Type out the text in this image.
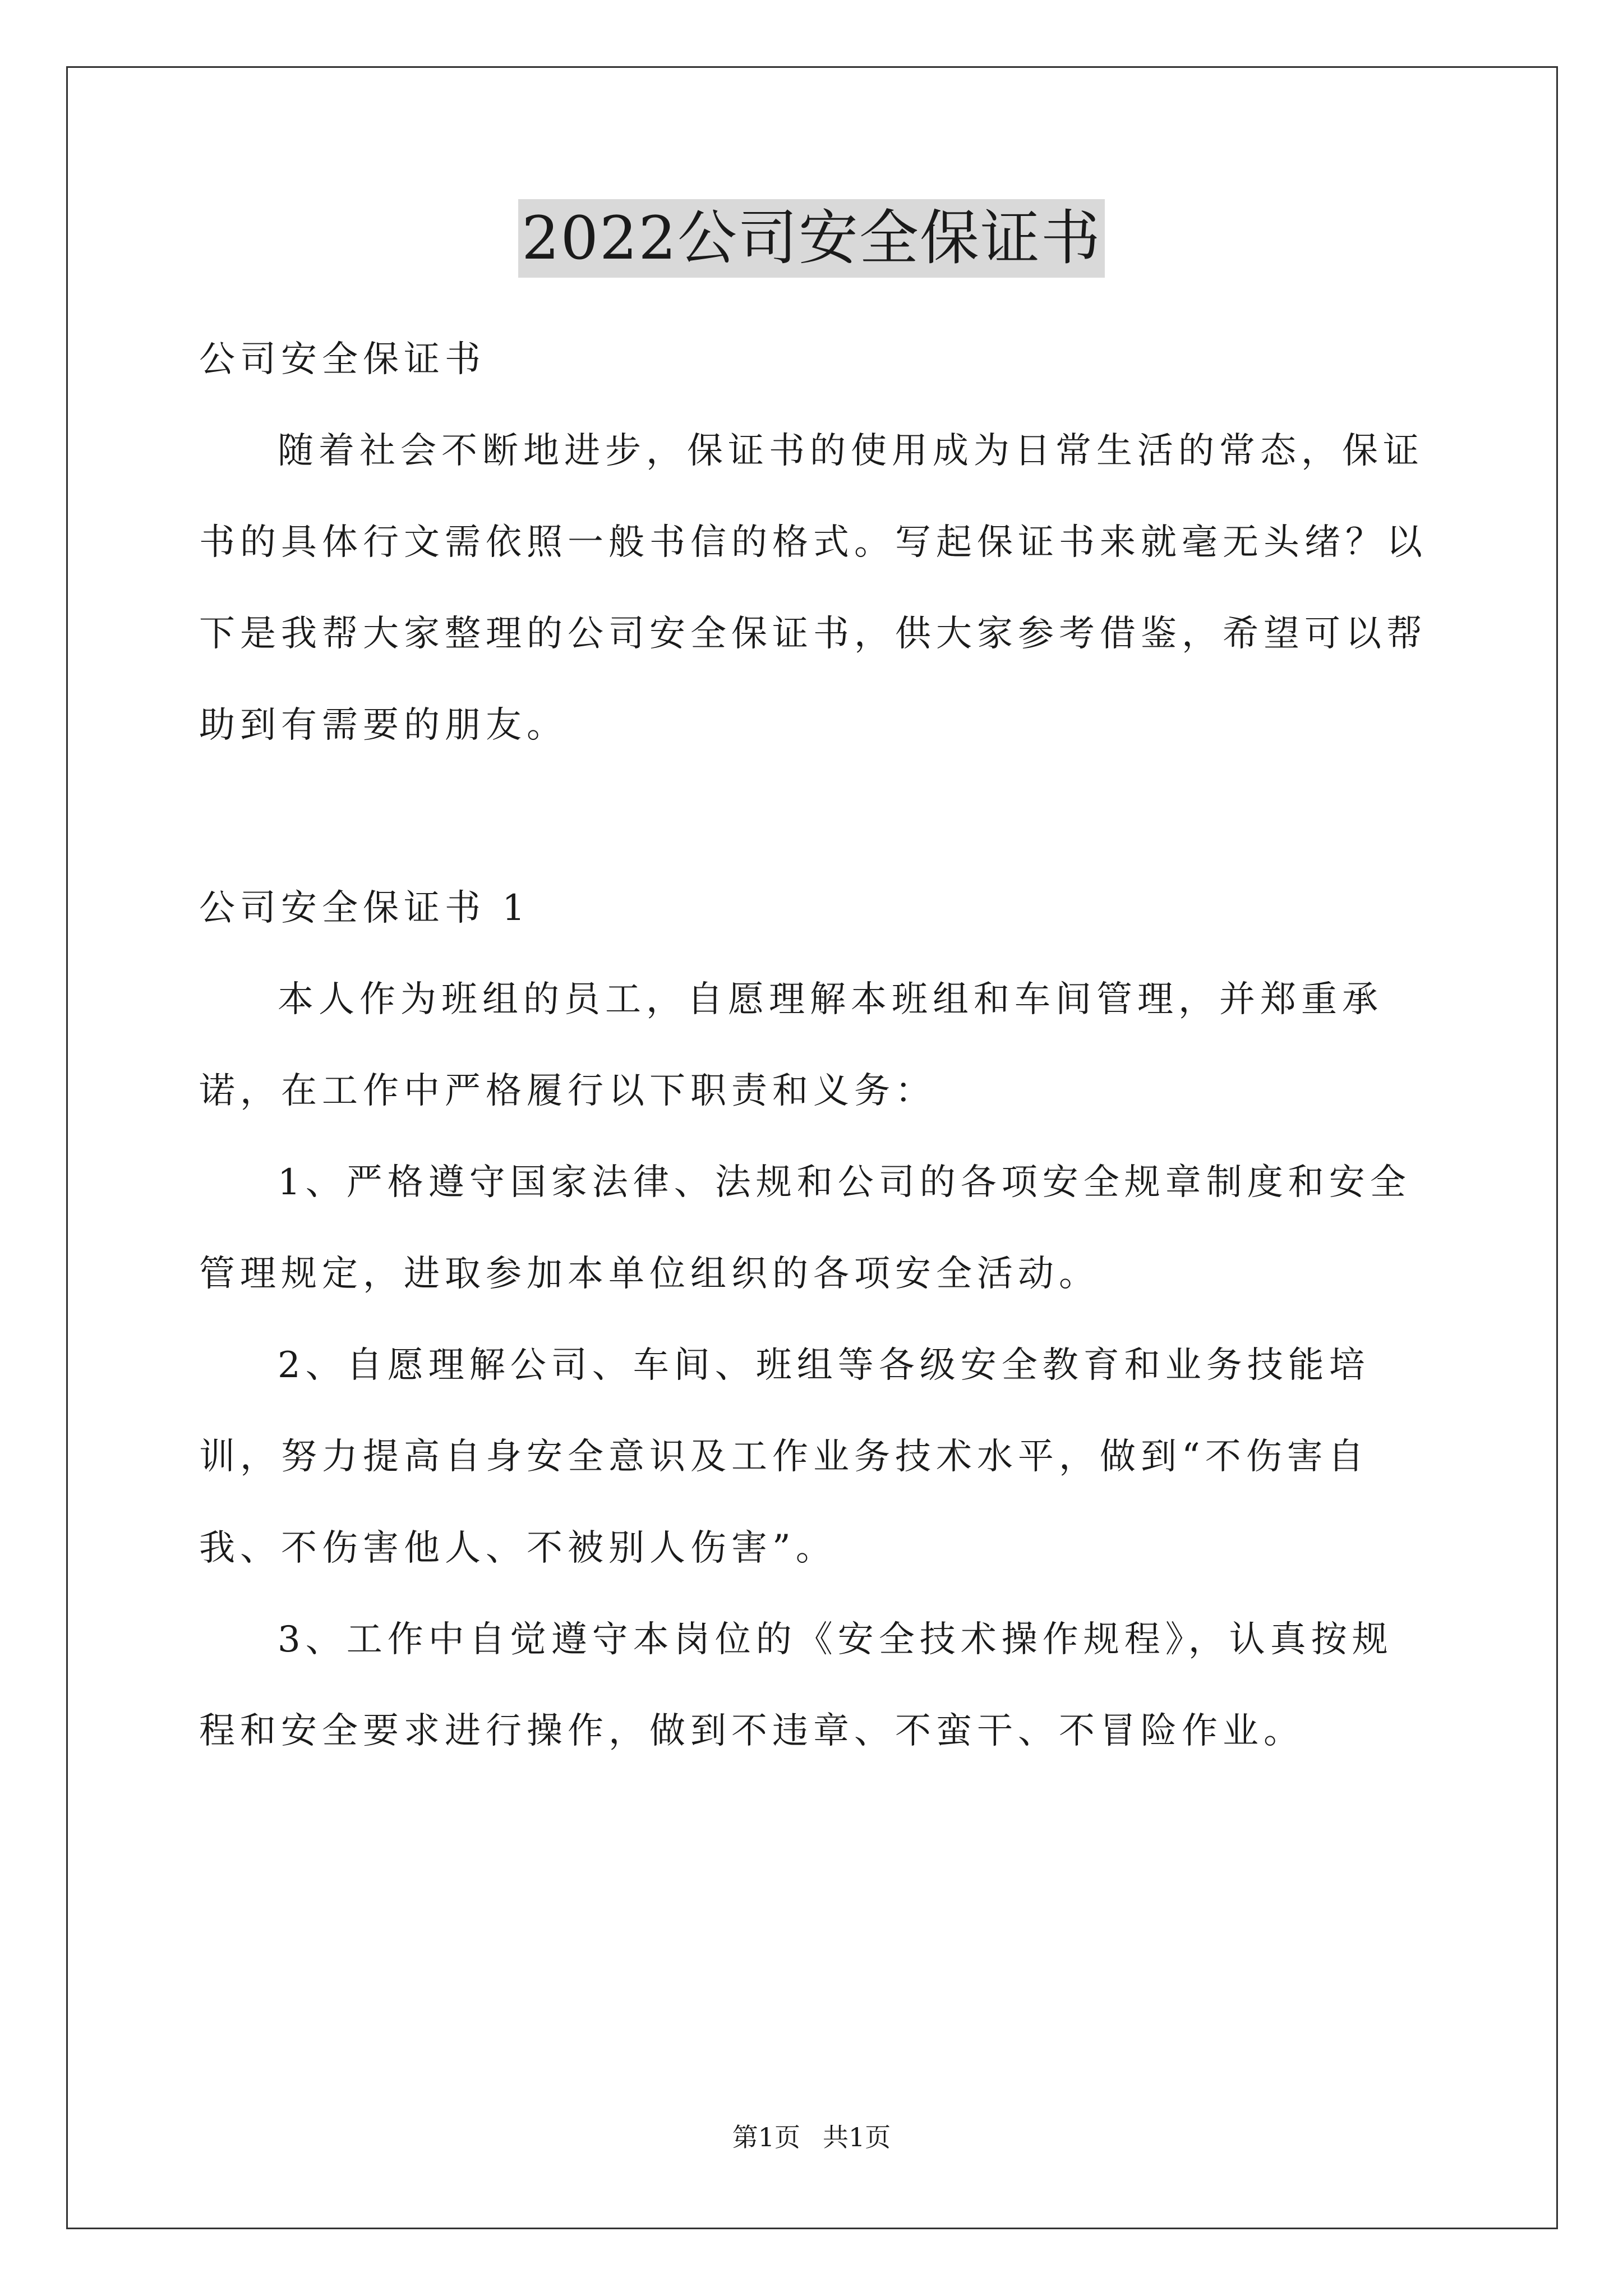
2022公司安全保证书

公司安全保证书

随着社会不断地进步，保证书的使用成为日常生活的常态，保证书的具体行文需依照一般书信的格式。写起保证书来就毫无头绪？以下是我帮大家整理的公司安全保证书，供大家参考借鉴，希望可以帮助到有需要的朋友。

公司安全保证书 1

本人作为班组的员工，自愿理解本班组和车间管理，并郑重承诺，在工作中严格履行以下职责和义务：

1、严格遵守国家法律、法规和公司的各项安全规章制度和安全管理规定，进取参加本单位组织的各项安全活动。

2、自愿理解公司、车间、班组等各级安全教育和业务技能培训，努力提高自身安全意识及工作业务技术水平，做到“不伤害自我、不伤害他人、不被别人伤害”。

3、工作中自觉遵守本岗位的《安全技术操作规程》，认真按规程和安全要求进行操作，做到不违章、不蛮干、不冒险作业。

第1页 共1页
